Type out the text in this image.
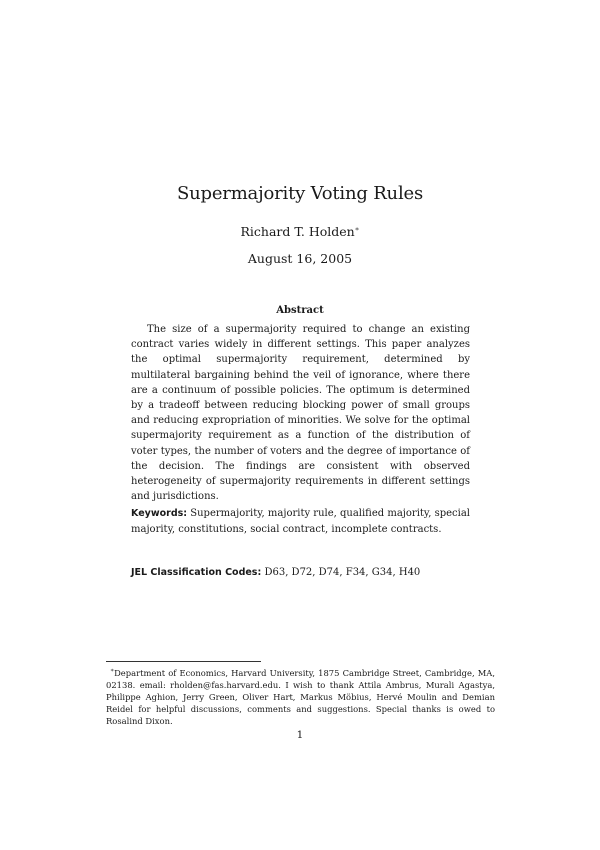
Supermajority Voting Rules
Richard T. Holden∗
August 16, 2005
Abstract

The size of a supermajority required to change an existing contract varies widely in different settings. This paper analyzes the optimal supermajority requirement, determined by multilateral bargaining behind the veil of ignorance, where there are a continuum of possible policies. The optimum is determined by a tradeoff between reducing blocking power of small groups and reducing expropriation of minorities. We solve for the optimal supermajority requirement as a function of the distribution of voter types, the number of voters and the degree of importance of the decision. The findings are consistent with observed heterogeneity of supermajority requirements in different settings and jurisdictions.

Keywords: Supermajority, majority rule, qualified majority, special majority, constitutions, social contract, incomplete contracts.

JEL Classification Codes: D63, D72, D74, F34, G34, H40

∗Department of Economics, Harvard University, 1875 Cambridge Street, Cambridge, MA, 02138. email: rholden@fas.harvard.edu. I wish to thank Attila Ambrus, Murali Agastya, Philippe Aghion, Jerry Green, Oliver Hart, Markus Möbius, Hervé Moulin and Demian Reidel for helpful discussions, comments and suggestions. Special thanks is owed to Rosalind Dixon.

1
